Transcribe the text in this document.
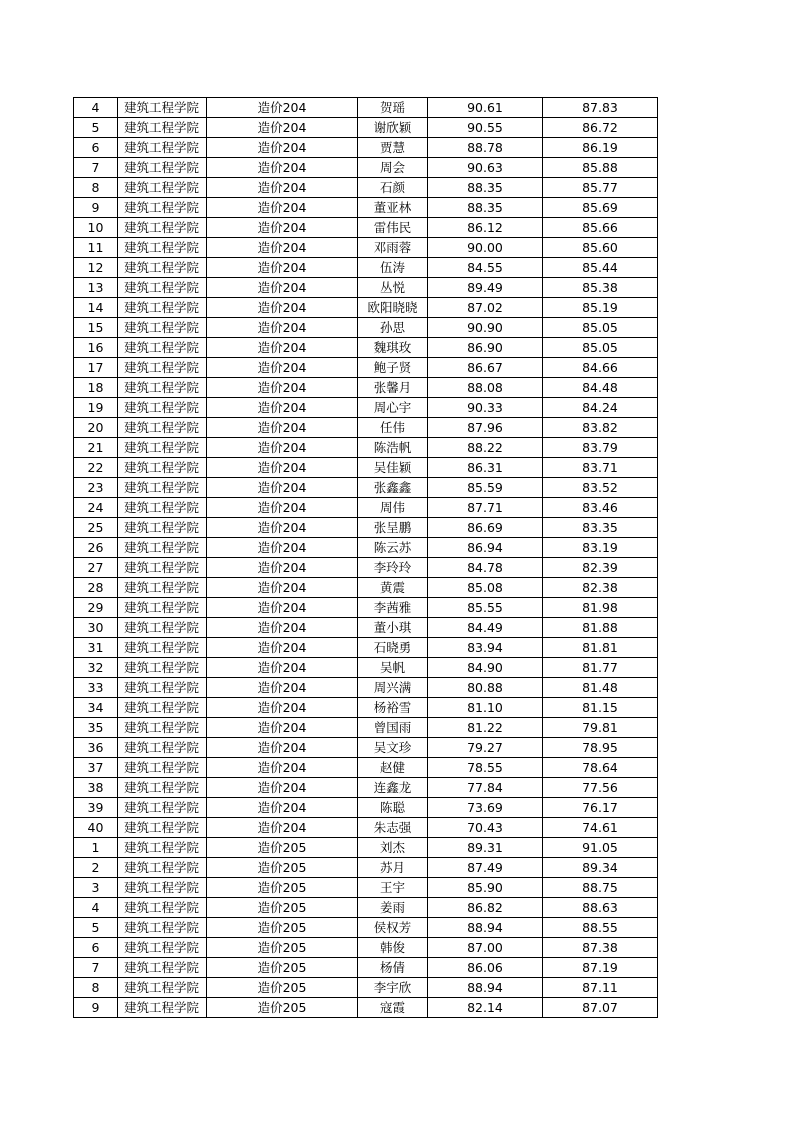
4	建筑工程学院	造价204	贺瑶	90.61	87.83
5	建筑工程学院	造价204	谢欣颖	90.55	86.72
6	建筑工程学院	造价204	贾慧	88.78	86.19
7	建筑工程学院	造价204	周会	90.63	85.88
8	建筑工程学院	造价204	石颜	88.35	85.77
9	建筑工程学院	造价204	董亚林	88.35	85.69
10	建筑工程学院	造价204	雷伟民	86.12	85.66
11	建筑工程学院	造价204	邓雨蓉	90.00	85.60
12	建筑工程学院	造价204	伍涛	84.55	85.44
13	建筑工程学院	造价204	丛悦	89.49	85.38
14	建筑工程学院	造价204	欧阳晓晓	87.02	85.19
15	建筑工程学院	造价204	孙思	90.90	85.05
16	建筑工程学院	造价204	魏琪玫	86.90	85.05
17	建筑工程学院	造价204	鲍子贤	86.67	84.66
18	建筑工程学院	造价204	张馨月	88.08	84.48
19	建筑工程学院	造价204	周心宇	90.33	84.24
20	建筑工程学院	造价204	任伟	87.96	83.82
21	建筑工程学院	造价204	陈浩帆	88.22	83.79
22	建筑工程学院	造价204	吴佳颖	86.31	83.71
23	建筑工程学院	造价204	张鑫鑫	85.59	83.52
24	建筑工程学院	造价204	周伟	87.71	83.46
25	建筑工程学院	造价204	张呈鹏	86.69	83.35
26	建筑工程学院	造价204	陈云苏	86.94	83.19
27	建筑工程学院	造价204	李玲玲	84.78	82.39
28	建筑工程学院	造价204	黄震	85.08	82.38
29	建筑工程学院	造价204	李茜雅	85.55	81.98
30	建筑工程学院	造价204	董小琪	84.49	81.88
31	建筑工程学院	造价204	石晓勇	83.94	81.81
32	建筑工程学院	造价204	吴帆	84.90	81.77
33	建筑工程学院	造价204	周兴满	80.88	81.48
34	建筑工程学院	造价204	杨裕雪	81.10	81.15
35	建筑工程学院	造价204	曾国雨	81.22	79.81
36	建筑工程学院	造价204	吴文珍	79.27	78.95
37	建筑工程学院	造价204	赵健	78.55	78.64
38	建筑工程学院	造价204	连鑫龙	77.84	77.56
39	建筑工程学院	造价204	陈聪	73.69	76.17
40	建筑工程学院	造价204	朱志强	70.43	74.61
1	建筑工程学院	造价205	刘杰	89.31	91.05
2	建筑工程学院	造价205	苏月	87.49	89.34
3	建筑工程学院	造价205	王宇	85.90	88.75
4	建筑工程学院	造价205	姜雨	86.82	88.63
5	建筑工程学院	造价205	侯权芳	88.94	88.55
6	建筑工程学院	造价205	韩俊	87.00	87.38
7	建筑工程学院	造价205	杨倩	86.06	87.19
8	建筑工程学院	造价205	李宇欣	88.94	87.11
9	建筑工程学院	造价205	寇霞	82.14	87.07
